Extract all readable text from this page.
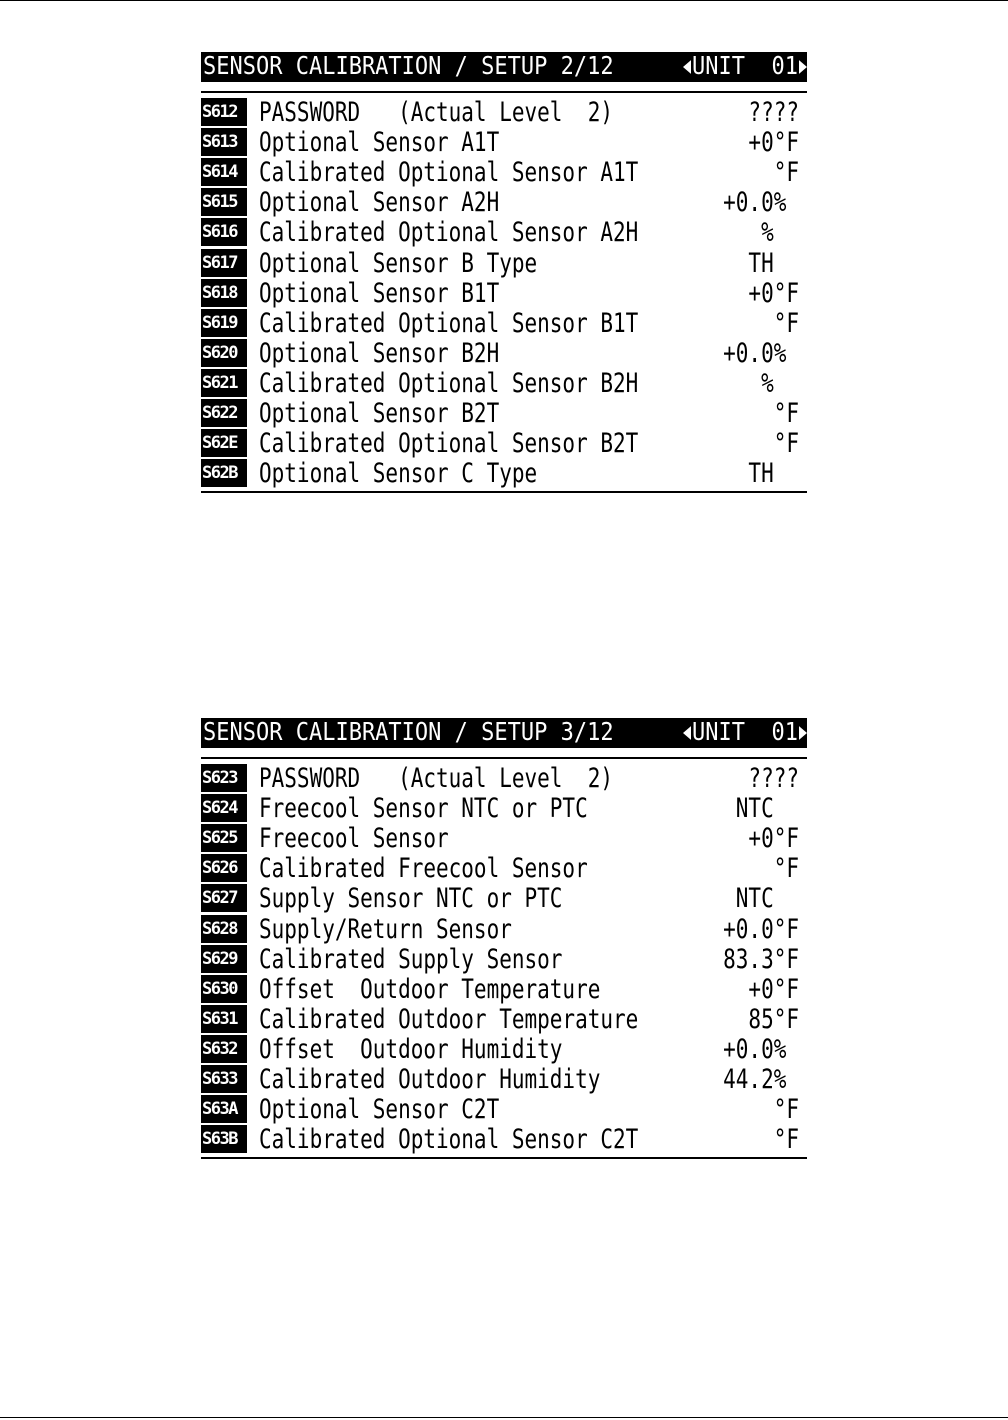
SENSOR CALIBRATION / SETUP 2/12	UNIT  01
S612	PASSWORD   (Actual Level  2)	????
S613	Optional Sensor A1T	+0°F
S614	Calibrated Optional Sensor A1T	°F
S615	Optional Sensor A2H	+0.0%
S616	Calibrated Optional Sensor A2H	%
S617	Optional Sensor B Type	TH
S618	Optional Sensor B1T	+0°F
S619	Calibrated Optional Sensor B1T	°F
S620	Optional Sensor B2H	+0.0%
S621	Calibrated Optional Sensor B2H	%
S622	Optional Sensor B2T	°F
S62E	Calibrated Optional Sensor B2T	°F
S62B	Optional Sensor C Type	TH
SENSOR CALIBRATION / SETUP 3/12	UNIT  01
S623	PASSWORD   (Actual Level  2)	????
S624	Freecool Sensor NTC or PTC	NTC
S625	Freecool Sensor	+0°F
S626	Calibrated Freecool Sensor	°F
S627	Supply Sensor NTC or PTC	NTC
S628	Supply/Return Sensor	+0.0°F
S629	Calibrated Supply Sensor	83.3°F
S630	Offset  Outdoor Temperature	+0°F
S631	Calibrated Outdoor Temperature	85°F
S632	Offset  Outdoor Humidity	+0.0%
S633	Calibrated Outdoor Humidity	44.2%
S63A	Optional Sensor C2T	°F
S63B	Calibrated Optional Sensor C2T	°F
